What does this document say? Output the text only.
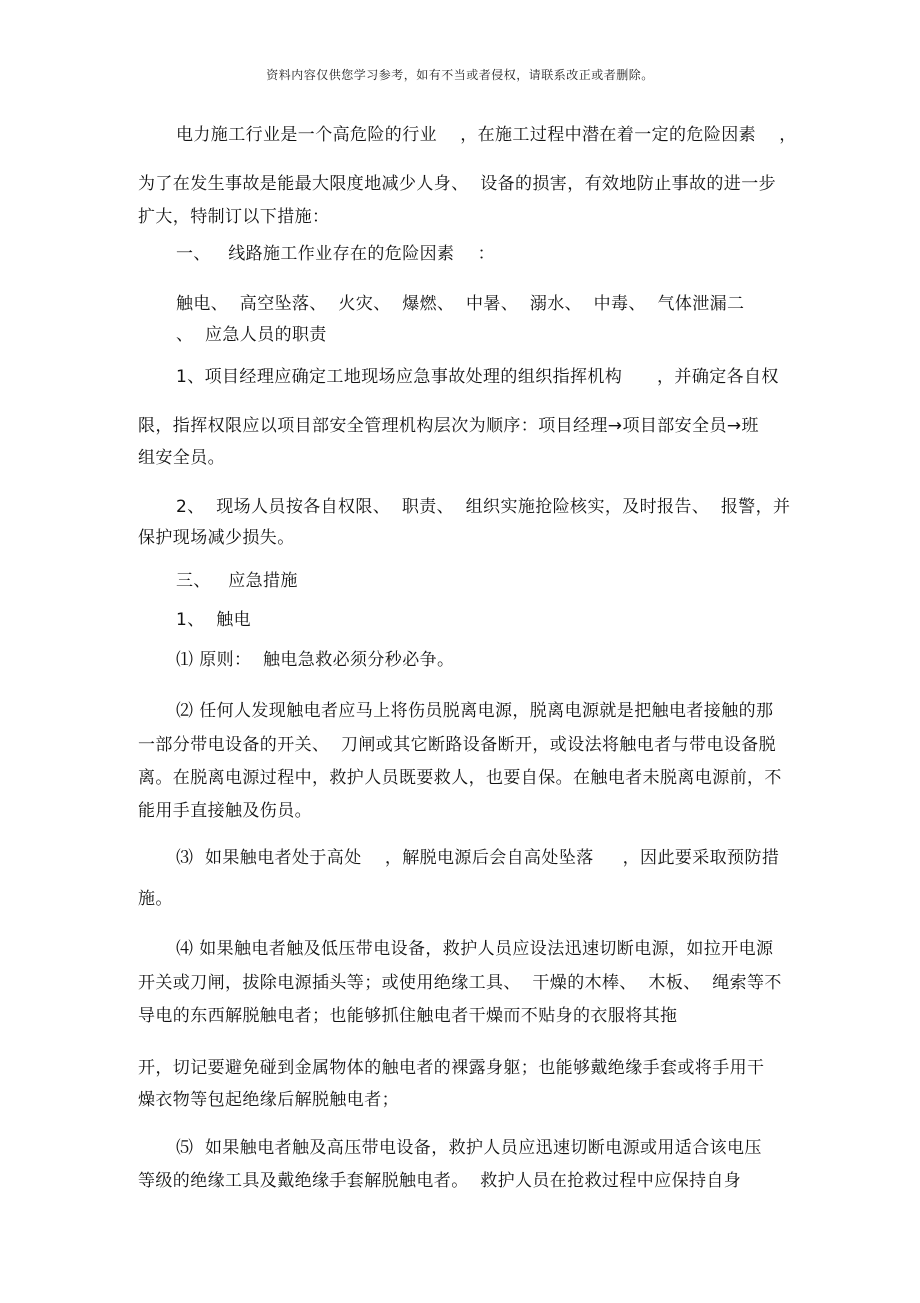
资料内容仅供您学习参考，如有不当或者侵权，请联系改正或者删除。
电力施工行业是一个高危险的行业    ，在施工过程中潜在着一定的危险因素    ，
为了在发生事故是能最大限度地减少人身、  设备的损害，有效地防止事故的进一步
扩大，特制订以下措施：
一、   线路施工作业存在的危险因素    ：
触电、  高空坠落、  火灾、  爆燃、  中暑、  溺水、  中毒、  气体泄漏二
、  应急人员的职责
1、项目经理应确定工地现场应急事故处理的组织指挥机构      ，并确定各自权
限，指挥权限应以项目部安全管理机构层次为顺序：项目经理→项目部安全员→班
组安全员。
2、  现场人员按各自权限、  职责、  组织实施抢险核实，及时报告、  报警，并
保护现场减少损失。
三、   应急措施
1、  触电
⑴ 原则：  触电急救必须分秒必争。
⑵ 任何人发现触电者应马上将伤员脱离电源，脱离电源就是把触电者接触的那
一部分带电设备的开关、  刀闸或其它断路设备断开，或设法将触电者与带电设备脱
离。在脱离电源过程中，救护人员既要救人，也要自保。在触电者未脱离电源前，不
能用手直接触及伤员。
⑶  如果触电者处于高处    ，解脱电源后会自高处坠落     ，因此要采取预防措
施。
⑷ 如果触电者触及低压带电设备，救护人员应设法迅速切断电源，如拉开电源
开关或刀闸，拔除电源插头等；或使用绝缘工具、  干燥的木棒、  木板、  绳索等不
导电的东西解脱触电者；也能够抓住触电者干燥而不贴身的衣服将其拖
开，切记要避免碰到金属物体的触电者的裸露身躯；也能够戴绝缘手套或将手用干
燥衣物等包起绝缘后解脱触电者；
⑸  如果触电者触及高压带电设备，救护人员应迅速切断电源或用适合该电压
等级的绝缘工具及戴绝缘手套解脱触电者。  救护人员在抢救过程中应保持自身
